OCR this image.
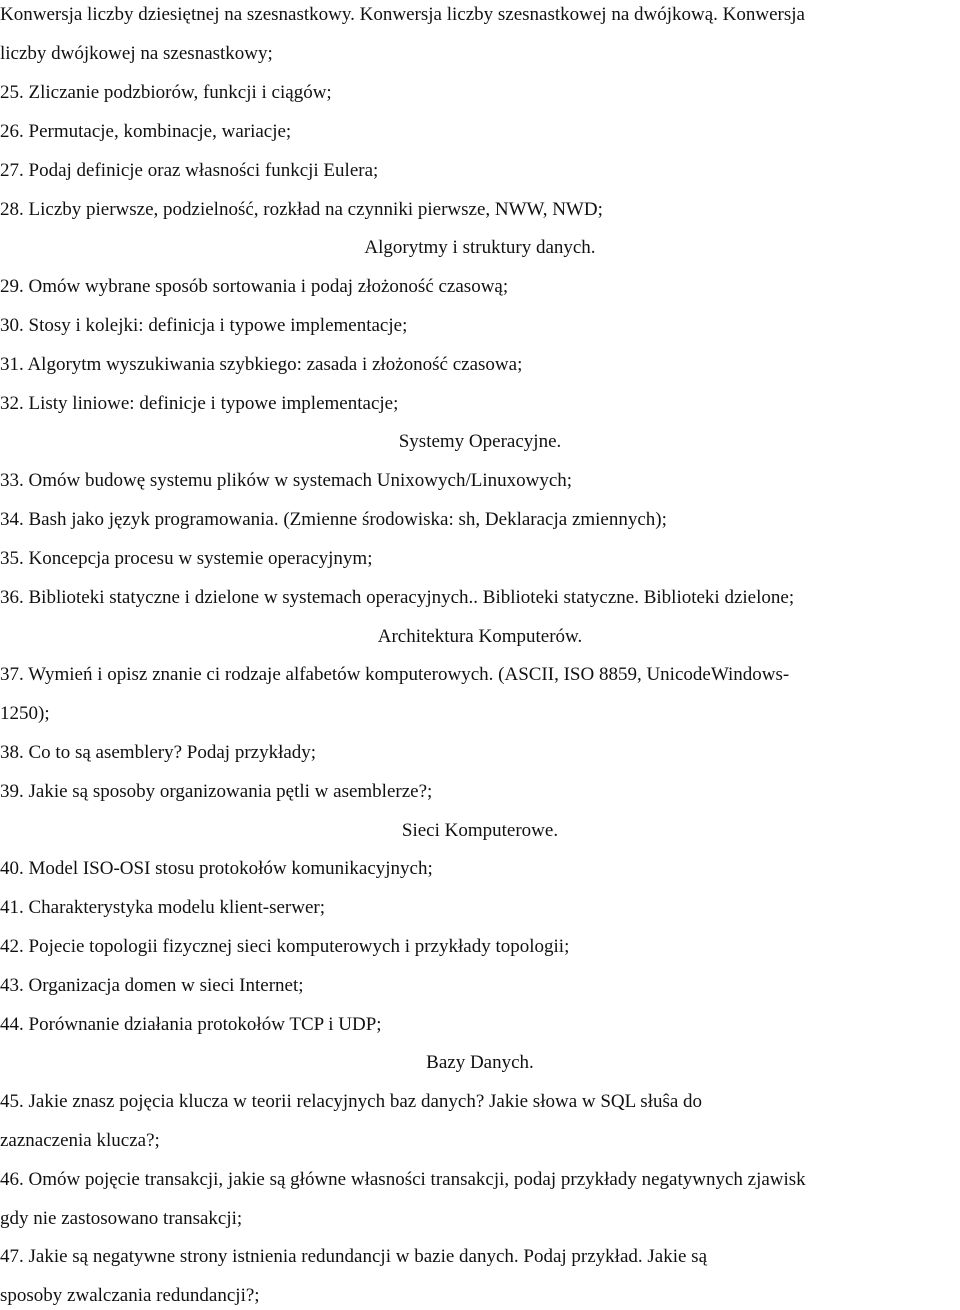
Konwersja liczby dziesiętnej na szesnastkowy. Konwersja liczby szesnastkowej na dwójkową. Konwersja
liczby dwójkowej na szesnastkowy;
25. Zliczanie podzbiorów, funkcji i ciągów;
26. Permutacje, kombinacje, wariacje;
27. Podaj definicje oraz własności funkcji Eulera;
28. Liczby pierwsze, podzielność, rozkład na czynniki pierwsze, NWW, NWD;
Algorytmy i struktury danych.
29. Omów wybrane sposób sortowania i podaj złożoność czasową;
30. Stosy i kolejki: definicja i typowe implementacje;
31. Algorytm wyszukiwania szybkiego: zasada i złożoność czasowa;
32. Listy liniowe: definicje i typowe implementacje;
Systemy Operacyjne.
33. Omów budowę systemu plików w systemach Unixowych/Linuxowych;
34. Bash jako język programowania. (Zmienne środowiska: sh, Deklaracja zmiennych);
35. Koncepcja procesu w systemie operacyjnym;
36. Biblioteki statyczne i dzielone w systemach operacyjnych.. Biblioteki statyczne. Biblioteki dzielone;
Architektura Komputerów.
37. Wymień i opisz znanie ci rodzaje alfabetów komputerowych. (ASCII, ISO 8859, UnicodeWindows-
1250);
38. Co to są asemblery? Podaj przykłady;
39. Jakie są sposoby organizowania pętli w asemblerze?;
Sieci Komputerowe.
40. Model ISO-OSI stosu protokołów komunikacyjnych;
41. Charakterystyka modelu klient-serwer;
42. Pojecie topologii fizycznej sieci komputerowych i przykłady topologii;
43. Organizacja domen w sieci Internet;
44. Porównanie działania protokołów TCP i UDP;
Bazy Danych.
45. Jakie znasz pojęcia klucza w teorii relacyjnych baz danych? Jakie słowa w SQL słuŝa do
zaznaczenia klucza?;
46. Omów pojęcie transakcji, jakie są główne własności transakcji, podaj przykłady negatywnych zjawisk
gdy nie zastosowano transakcji;
47. Jakie są negatywne strony istnienia redundancji w bazie danych. Podaj przykład. Jakie są
sposoby zwalczania redundancji?;
